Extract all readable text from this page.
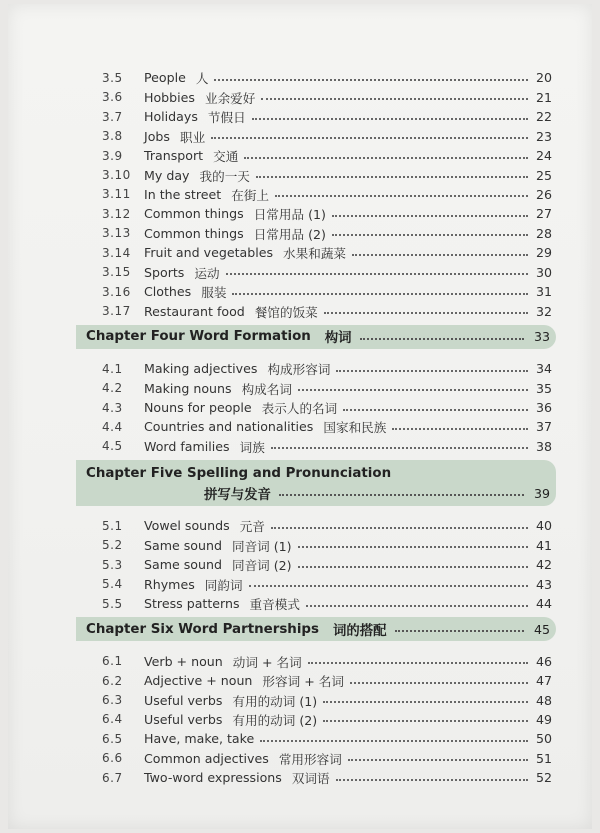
3.5	People 人	20
3.6	Hobbies 业余爱好	21
3.7	Holidays 节假日	22
3.8	Jobs 职业	23
3.9	Transport 交通	24
3.10	My day 我的一天	25
3.11	In the street 在街上	26
3.12	Common things 日常用品 (1)	27
3.13	Common things 日常用品 (2)	28
3.14	Fruit and vegetables 水果和蔬菜	29
3.15	Sports 运动	30
3.16	Clothes 服装	31
3.17	Restaurant food 餐馆的饭菜	32
Chapter Four Word Formation 构词	33
4.1	Making adjectives 构成形容词	34
4.2	Making nouns 构成名词	35
4.3	Nouns for people 表示人的名词	36
4.4	Countries and nationalities 国家和民族	37
4.5	Word families 词族	38
Chapter Five Spelling and Pronunciation
拼写与发音	39
5.1	Vowel sounds 元音	40
5.2	Same sound 同音词 (1)	41
5.3	Same sound 同音词 (2)	42
5.4	Rhymes 同韵词	43
5.5	Stress patterns 重音模式	44
Chapter Six Word Partnerships 词的搭配	45
6.1	Verb + noun 动词 + 名词	46
6.2	Adjective + noun 形容词 + 名词	47
6.3	Useful verbs 有用的动词 (1)	48
6.4	Useful verbs 有用的动词 (2)	49
6.5	Have, make, take	50
6.6	Common adjectives 常用形容词	51
6.7	Two-word expressions 双词语	52
